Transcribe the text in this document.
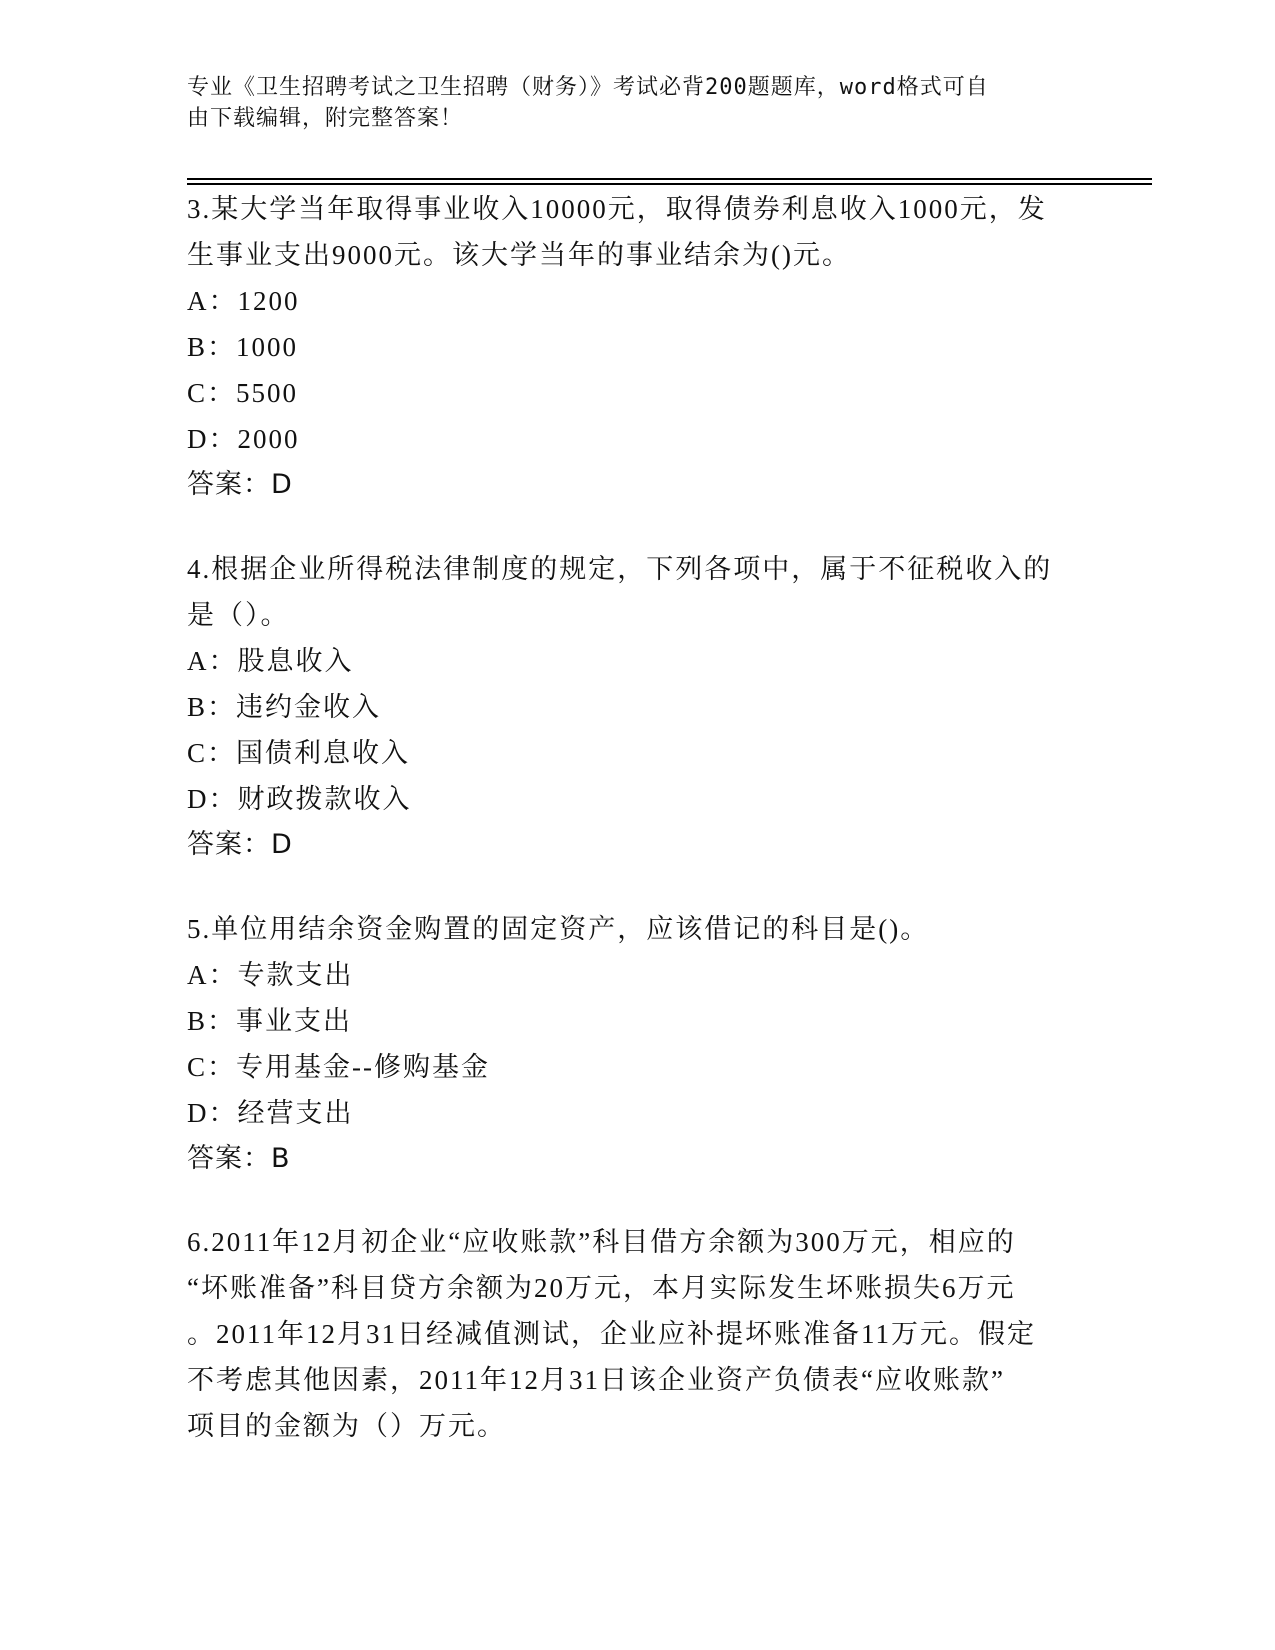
专业《卫生招聘考试之卫生招聘（财务）》考试必背200题题库，word格式可自
由下载编辑，附完整答案！

3.某大学当年取得事业收入10000元，取得债券利息收入1000元，发

生事业支出9000元。该大学当年的事业结余为()元。

A：1200

B：1000

C：5500

D：2000

答案：D

4.根据企业所得税法律制度的规定，下列各项中，属于不征税收入的

是（）。

A：股息收入

B：违约金收入

C：国债利息收入

D：财政拨款收入

答案：D

5.单位用结余资金购置的固定资产，应该借记的科目是()。

A：专款支出

B：事业支出

C：专用基金--修购基金

D：经营支出

答案：B

6.2011年12月初企业“应收账款”科目借方余额为300万元，相应的

“坏账准备”科目贷方余额为20万元，本月实际发生坏账损失6万元

。2011年12月31日经减值测试，企业应补提坏账准备11万元。假定

不考虑其他因素，2011年12月31日该企业资产负债表“应收账款”

项目的金额为（）万元。
